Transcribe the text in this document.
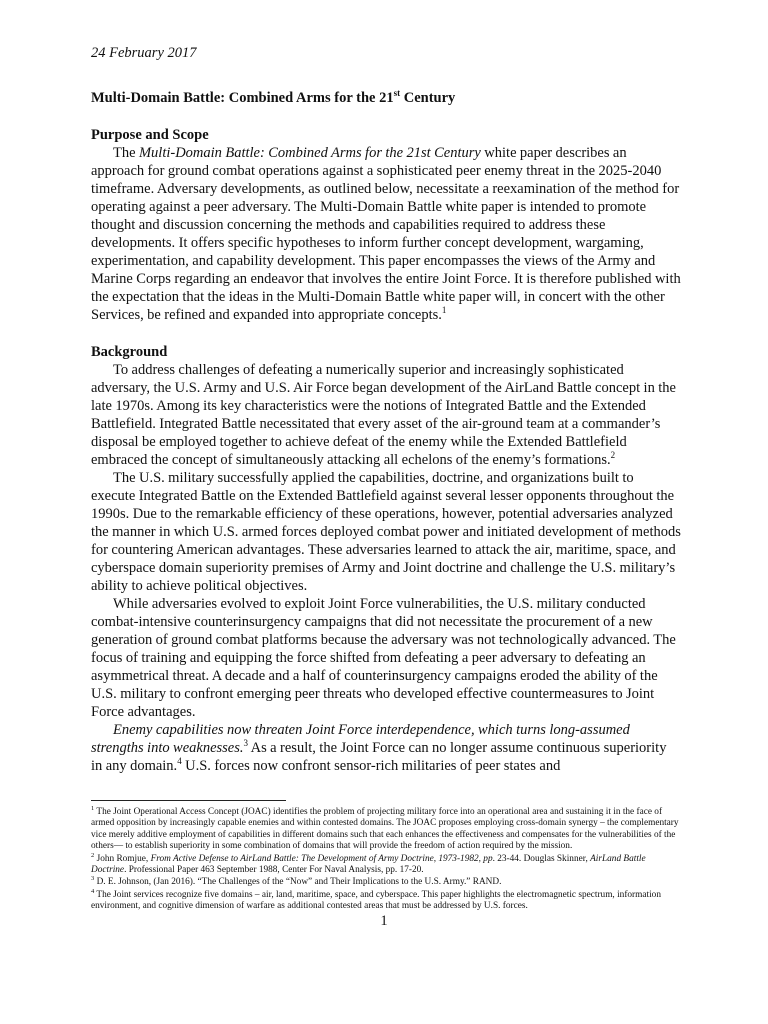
24 February 2017

Multi-Domain Battle: Combined Arms for the 21st Century

Purpose and Scope

The Multi-Domain Battle: Combined Arms for the 21st Century white paper describes an approach for ground combat operations against a sophisticated peer enemy threat in the 2025-2040 timeframe. Adversary developments, as outlined below, necessitate a reexamination of the method for operating against a peer adversary. The Multi-Domain Battle white paper is intended to promote thought and discussion concerning the methods and capabilities required to address these developments. It offers specific hypotheses to inform further concept development, wargaming, experimentation, and capability development. This paper encompasses the views of the Army and Marine Corps regarding an endeavor that involves the entire Joint Force. It is therefore published with the expectation that the ideas in the Multi-Domain Battle white paper will, in concert with the other Services, be refined and expanded into appropriate concepts.$^1$

Background

To address challenges of defeating a numerically superior and increasingly sophisticated adversary, the U.S. Army and U.S. Air Force began development of the AirLand Battle concept in the late 1970s. Among its key characteristics were the notions of Integrated Battle and the Extended Battlefield. Integrated Battle necessitated that every asset of the air-ground team at a commander’s disposal be employed together to achieve defeat of the enemy while the Extended Battlefield embraced the concept of simultaneously attacking all echelons of the enemy’s formations.$^2$

The U.S. military successfully applied the capabilities, doctrine, and organizations built to execute Integrated Battle on the Extended Battlefield against several lesser opponents throughout the 1990s. Due to the remarkable efficiency of these operations, however, potential adversaries analyzed the manner in which U.S. armed forces deployed combat power and initiated development of methods for countering American advantages. These adversaries learned to attack the air, maritime, space, and cyberspace domain superiority premises of Army and Joint doctrine and challenge the U.S. military’s ability to achieve political objectives.

While adversaries evolved to exploit Joint Force vulnerabilities, the U.S. military conducted combat-intensive counterinsurgency campaigns that did not necessitate the procurement of a new generation of ground combat platforms because the adversary was not technologically advanced. The focus of training and equipping the force shifted from defeating a peer adversary to defeating an asymmetrical threat. A decade and a half of counterinsurgency campaigns eroded the ability of the U.S. military to confront emerging peer threats who developed effective countermeasures to Joint Force advantages.

Enemy capabilities now threaten Joint Force interdependence, which turns long-assumed strengths into weaknesses.$^3$ As a result, the Joint Force can no longer assume continuous superiority in any domain.$^4$ U.S. forces now confront sensor-rich militaries of peer states and

$^1$ The Joint Operational Access Concept (JOAC) identifies the problem of projecting military force into an operational area and sustaining it in the face of armed opposition by increasingly capable enemies and within contested domains. The JOAC proposes employing cross-domain synergy – the complementary vice merely additive employment of capabilities in different domains such that each enhances the effectiveness and compensates for the vulnerabilities of the others— to establish superiority in some combination of domains that will provide the freedom of action required by the mission.

$^2$ John Romjue, From Active Defense to AirLand Battle: The Development of Army Doctrine, 1973-1982, pp. 23-44. Douglas Skinner, AirLand Battle Doctrine. Professional Paper 463 September 1988, Center For Naval Analysis, pp. 17-20.

$^3$ D. E. Johnson, (Jan 2016). “The Challenges of the “Now” and Their Implications to the U.S. Army.” RAND.

$^4$ The Joint services recognize five domains – air, land, maritime, space, and cyberspace. This paper highlights the electromagnetic spectrum, information environment, and cognitive dimension of warfare as additional contested areas that must be addressed by U.S. forces.

1
